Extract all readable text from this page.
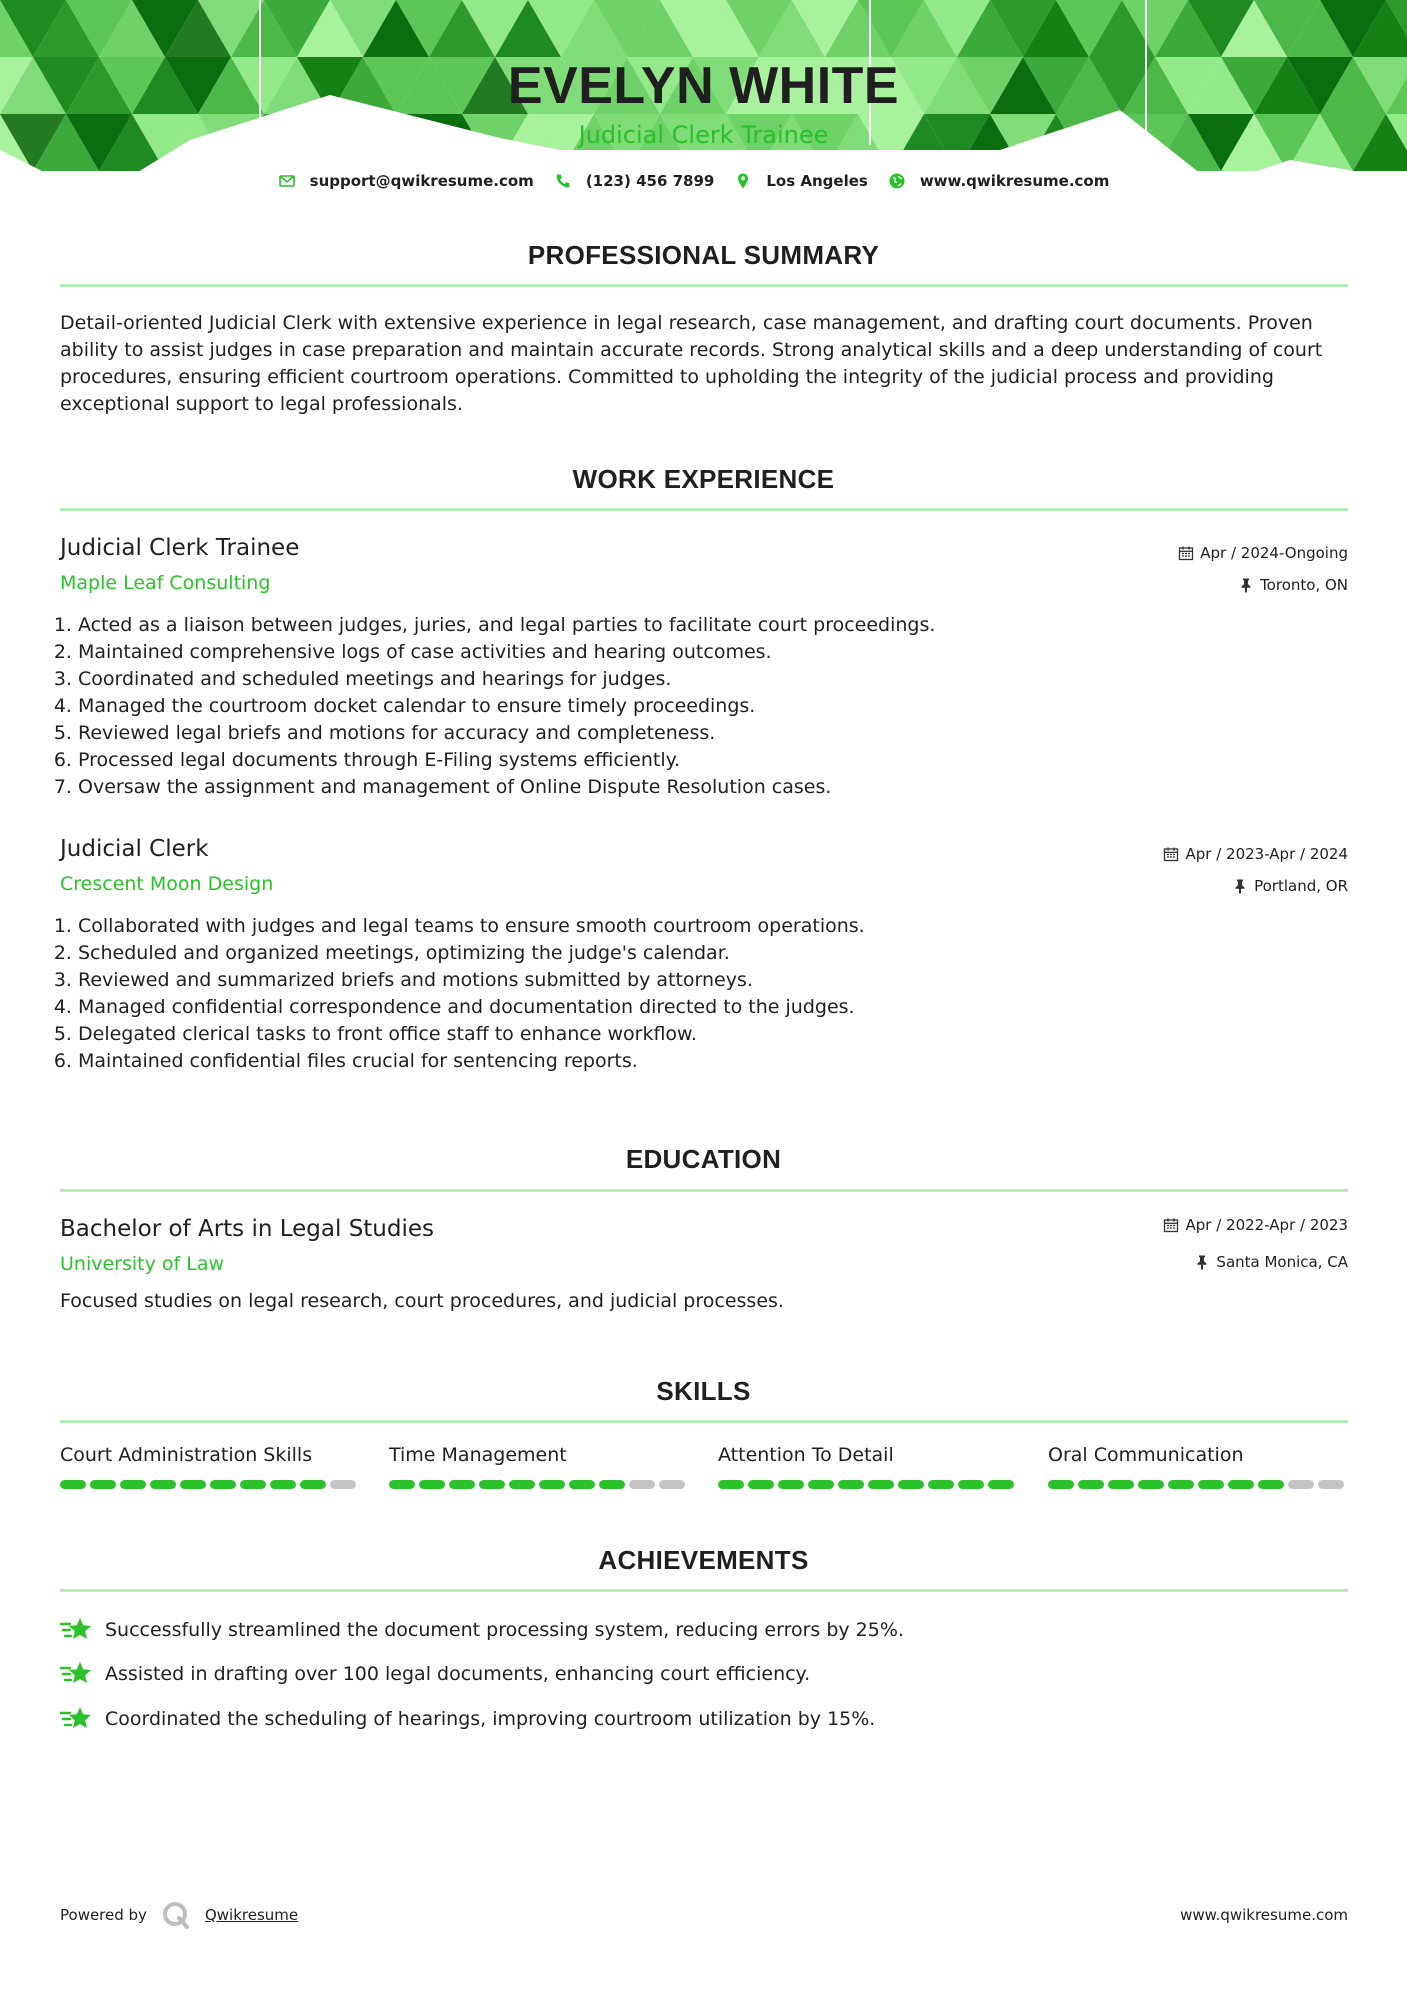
EVELYN WHITE
Judicial Clerk Trainee
support@qwikresume.com	(123) 456 7899	Los Angeles	www.qwikresume.com
PROFESSIONAL SUMMARY

Detail-oriented Judicial Clerk with extensive experience in legal research, case management, and drafting court documents. Proven ability to assist judges in case preparation and maintain accurate records. Strong analytical skills and a deep understanding of court procedures, ensuring efficient courtroom operations. Committed to upholding the integrity of the judicial process and providing exceptional support to legal professionals.

WORK EXPERIENCE
Judicial Clerk Trainee
Maple Leaf Consulting
Apr / 2024-Ongoing
Toronto, ON
1. Acted as a liaison between judges, juries, and legal parties to facilitate court proceedings.
2. Maintained comprehensive logs of case activities and hearing outcomes.
3. Coordinated and scheduled meetings and hearings for judges.
4. Managed the courtroom docket calendar to ensure timely proceedings.
5. Reviewed legal briefs and motions for accuracy and completeness.
6. Processed legal documents through E-Filing systems efficiently.
7. Oversaw the assignment and management of Online Dispute Resolution cases.
Judicial Clerk
Crescent Moon Design
Apr / 2023-Apr / 2024
Portland, OR
1. Collaborated with judges and legal teams to ensure smooth courtroom operations.
2. Scheduled and organized meetings, optimizing the judge's calendar.
3. Reviewed and summarized briefs and motions submitted by attorneys.
4. Managed confidential correspondence and documentation directed to the judges.
5. Delegated clerical tasks to front office staff to enhance workflow.
6. Maintained confidential files crucial for sentencing reports.
EDUCATION
Bachelor of Arts in Legal Studies
University of Law
Apr / 2022-Apr / 2023
Santa Monica, CA

Focused studies on legal research, court procedures, and judicial processes.

SKILLS
Court Administration Skills	Time Management	Attention To Detail	Oral Communication
ACHIEVEMENTS
Successfully streamlined the document processing system, reducing errors by 25%.
Assisted in drafting over 100 legal documents, enhancing court efficiency.
Coordinated the scheduling of hearings, improving courtroom utilization by 15%.
Powered by	Qwikresume	www.qwikresume.com
